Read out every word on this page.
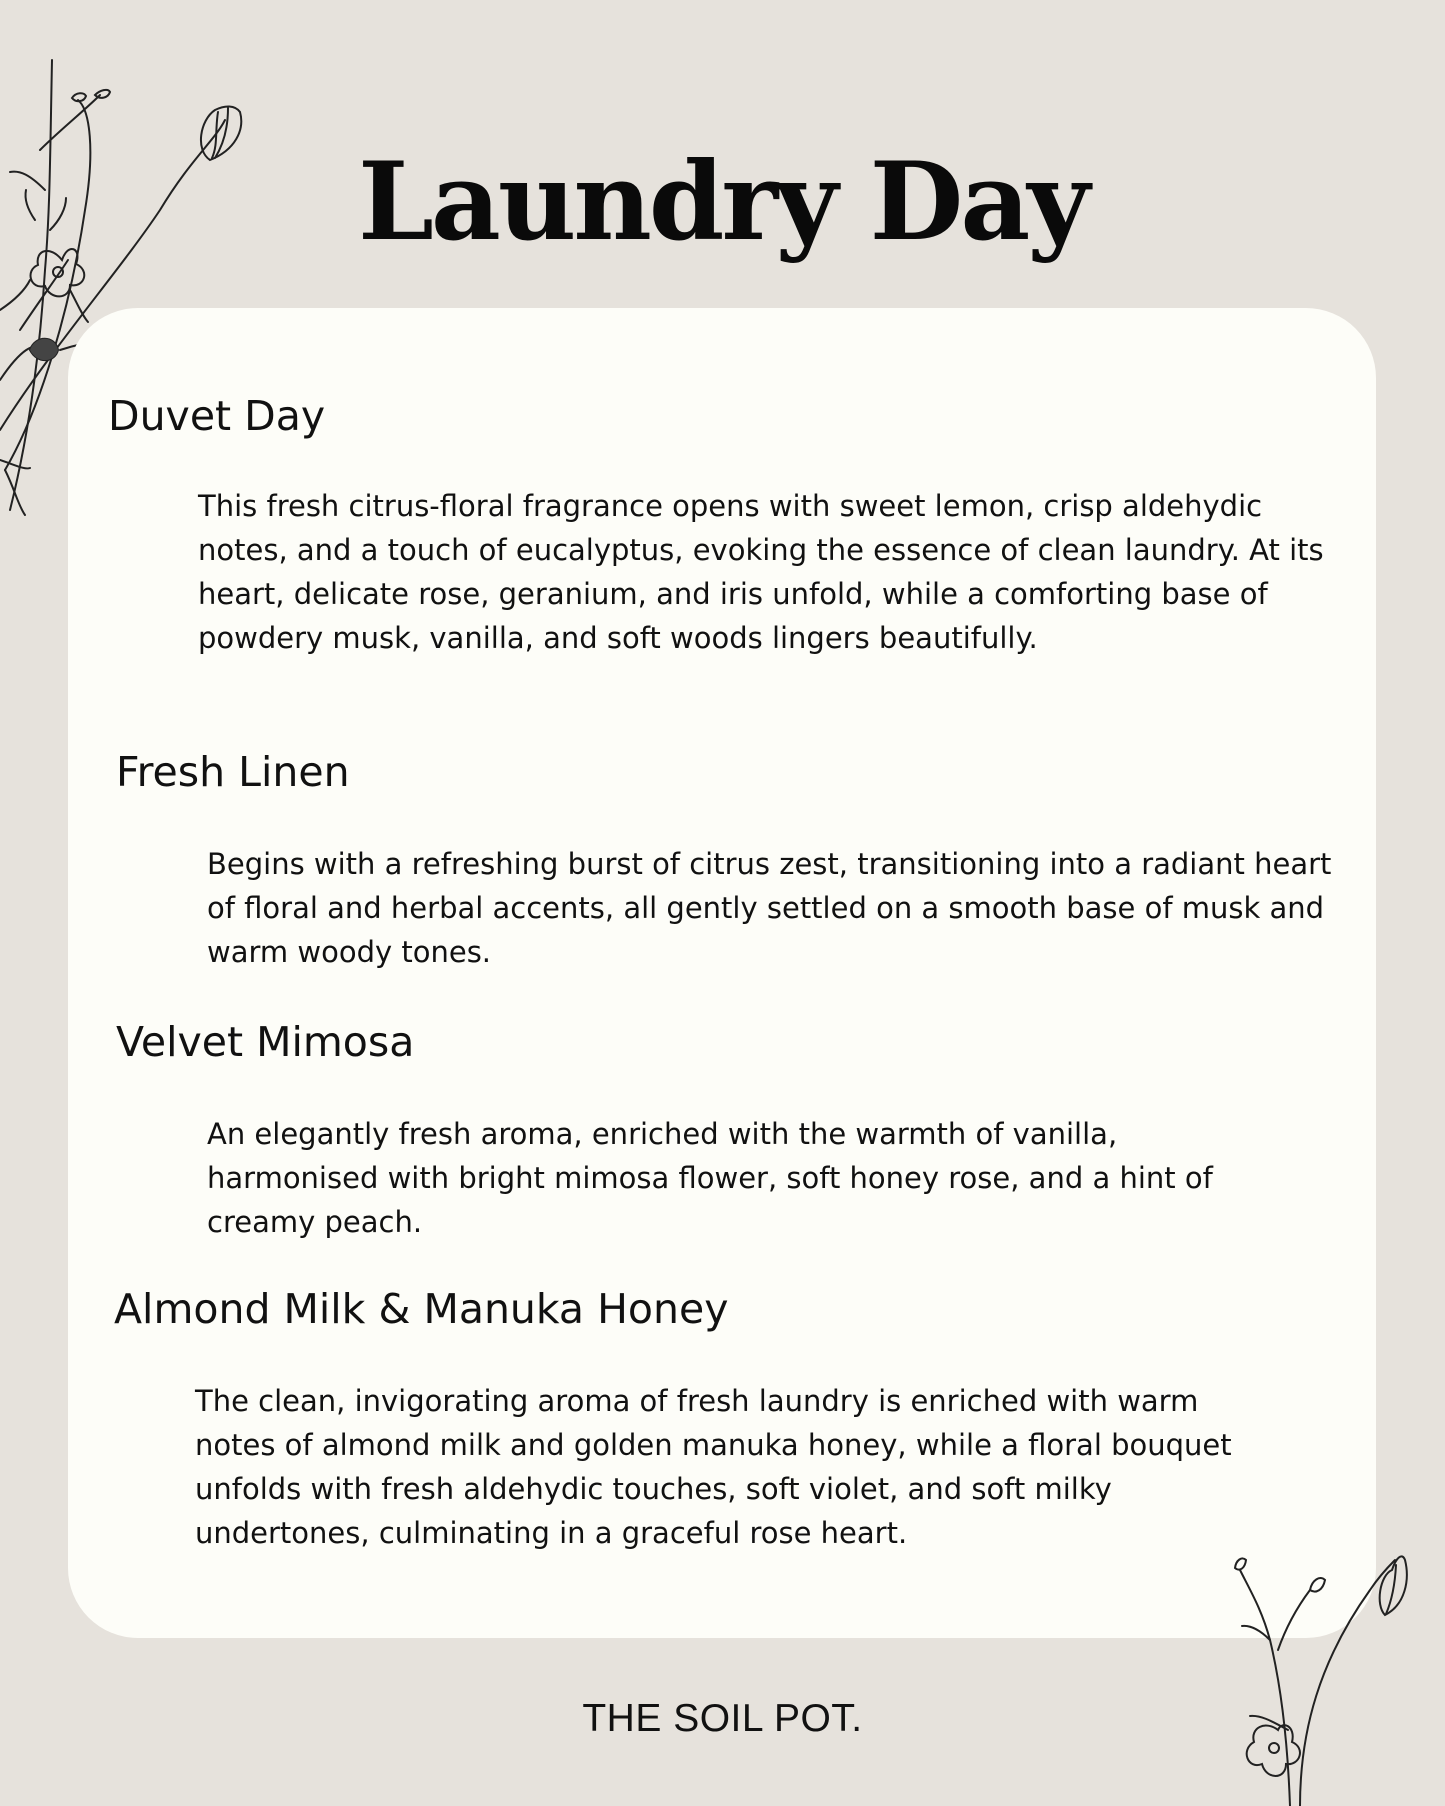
Laundry Day
Duvet Day

This fresh citrus-floral fragrance opens with sweet lemon, crisp aldehydic notes, and a touch of eucalyptus, evoking the essence of clean laundry. At its heart, delicate rose, geranium, and iris unfold, while a comforting base of powdery musk, vanilla, and soft woods lingers beautifully.

Fresh Linen

Begins with a refreshing burst of citrus zest, transitioning into a radiant heart of floral and herbal accents, all gently settled on a smooth base of musk and warm woody tones.

Velvet Mimosa

An elegantly fresh aroma, enriched with the warmth of vanilla, harmonised with bright mimosa flower, soft honey rose, and a hint of creamy peach.

Almond Milk & Manuka Honey

The clean, invigorating aroma of fresh laundry is enriched with warm notes of almond milk and golden manuka honey, while a floral bouquet unfolds with fresh aldehydic touches, soft violet, and soft milky undertones, culminating in a graceful rose heart.

THE SOIL POT.
